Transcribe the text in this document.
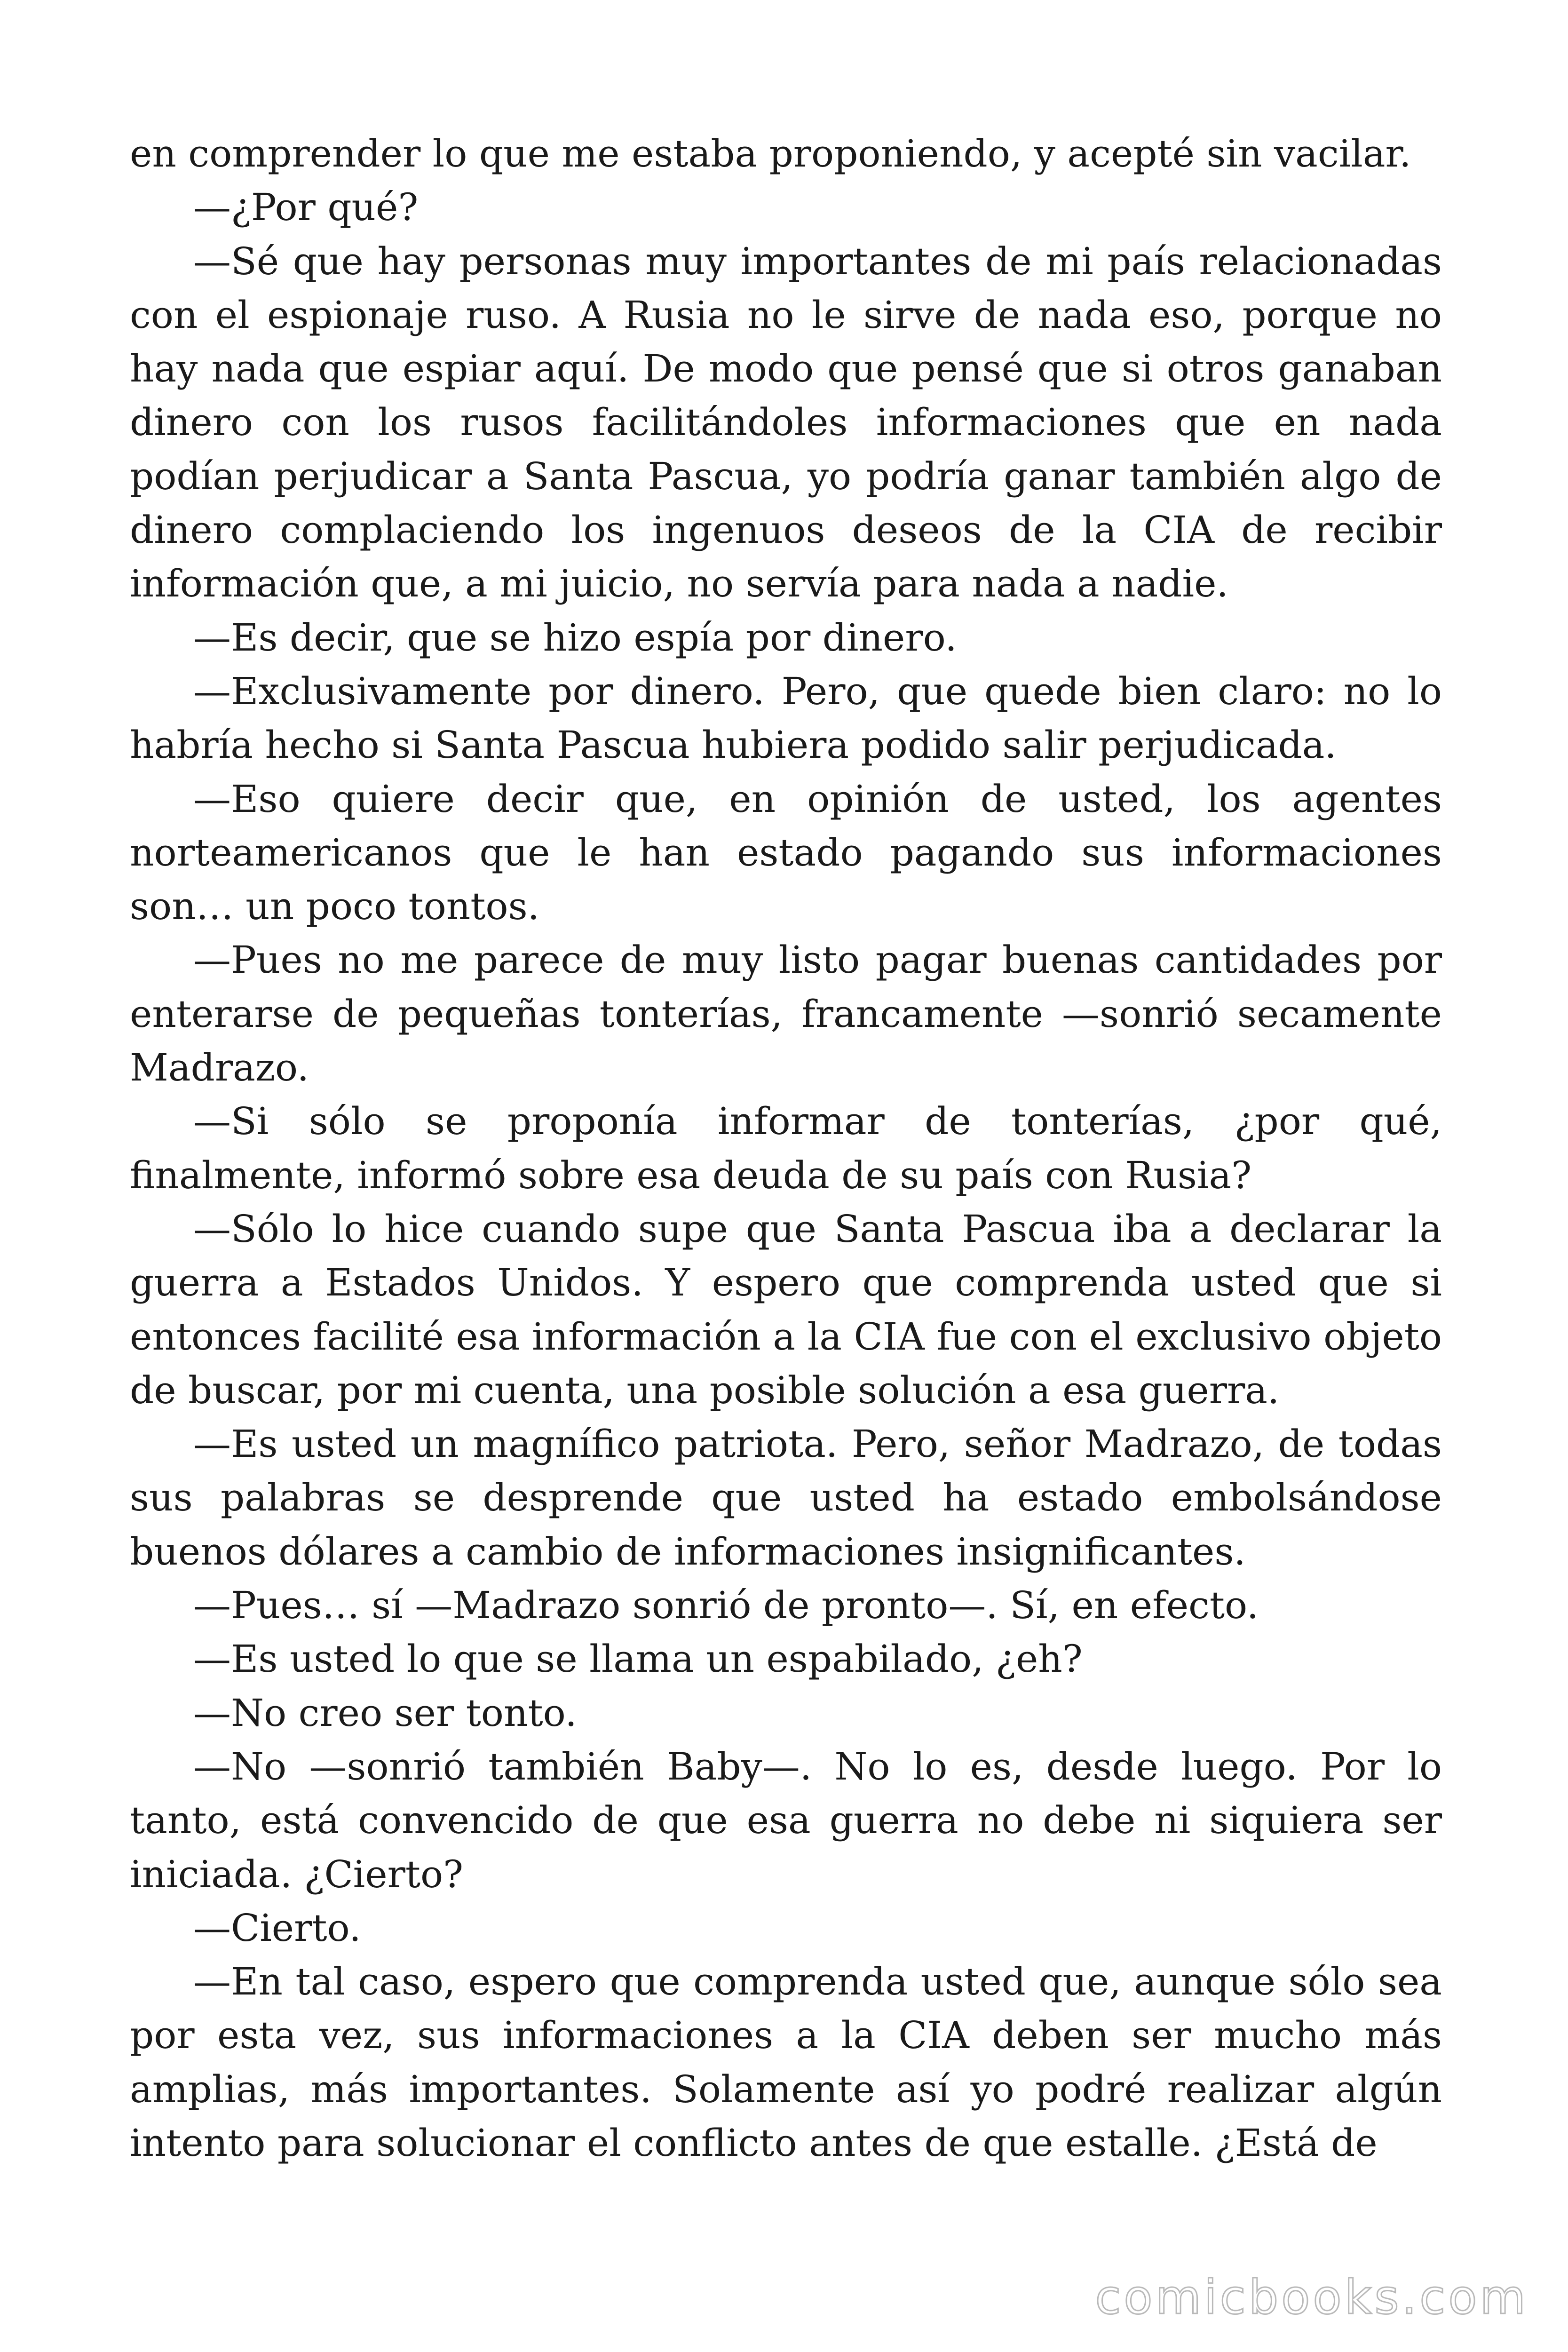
en comprender lo que me estaba proponiendo, y acepté sin vacilar.

—¿Por qué?

—Sé que hay personas muy importantes de mi país relacionadas con el espionaje ruso. A Rusia no le sirve de nada eso, porque no hay nada que espiar aquí. De modo que pensé que si otros ganaban dinero con los rusos facilitándoles informaciones que en nada podían perjudicar a Santa Pascua, yo podría ganar también algo de dinero complaciendo los ingenuos deseos de la CIA de recibir información que, a mi juicio, no servía para nada a nadie.

—Es decir, que se hizo espía por dinero.

—Exclusivamente por dinero. Pero, que quede bien claro: no lo habría hecho si Santa Pascua hubiera podido salir perjudicada.

—Eso quiere decir que, en opinión de usted, los agentes norteamericanos que le han estado pagando sus informaciones son… un poco tontos.

—Pues no me parece de muy listo pagar buenas cantidades por enterarse de pequeñas tonterías, francamente —sonrió secamente Madrazo.

—Si sólo se proponía informar de tonterías, ¿por qué, finalmente, informó sobre esa deuda de su país con Rusia?

—Sólo lo hice cuando supe que Santa Pascua iba a declarar la guerra a Estados Unidos. Y espero que comprenda usted que si entonces facilité esa información a la CIA fue con el exclusivo objeto de buscar, por mi cuenta, una posible solución a esa guerra.

—Es usted un magnífico patriota. Pero, señor Madrazo, de todas sus palabras se desprende que usted ha estado embolsándose buenos dólares a cambio de informaciones insignificantes.

—Pues… sí —Madrazo sonrió de pronto—. Sí, en efecto.

—Es usted lo que se llama un espabilado, ¿eh?

—No creo ser tonto.

—No —sonrió también Baby—. No lo es, desde luego. Por lo tanto, está convencido de que esa guerra no debe ni siquiera ser iniciada. ¿Cierto?

—Cierto.

—En tal caso, espero que comprenda usted que, aunque sólo sea por esta vez, sus informaciones a la CIA deben ser mucho más amplias, más importantes. Solamente así yo podré realizar algún intento para solucionar el conflicto antes de que estalle. ¿Está de

comicbooks.com
